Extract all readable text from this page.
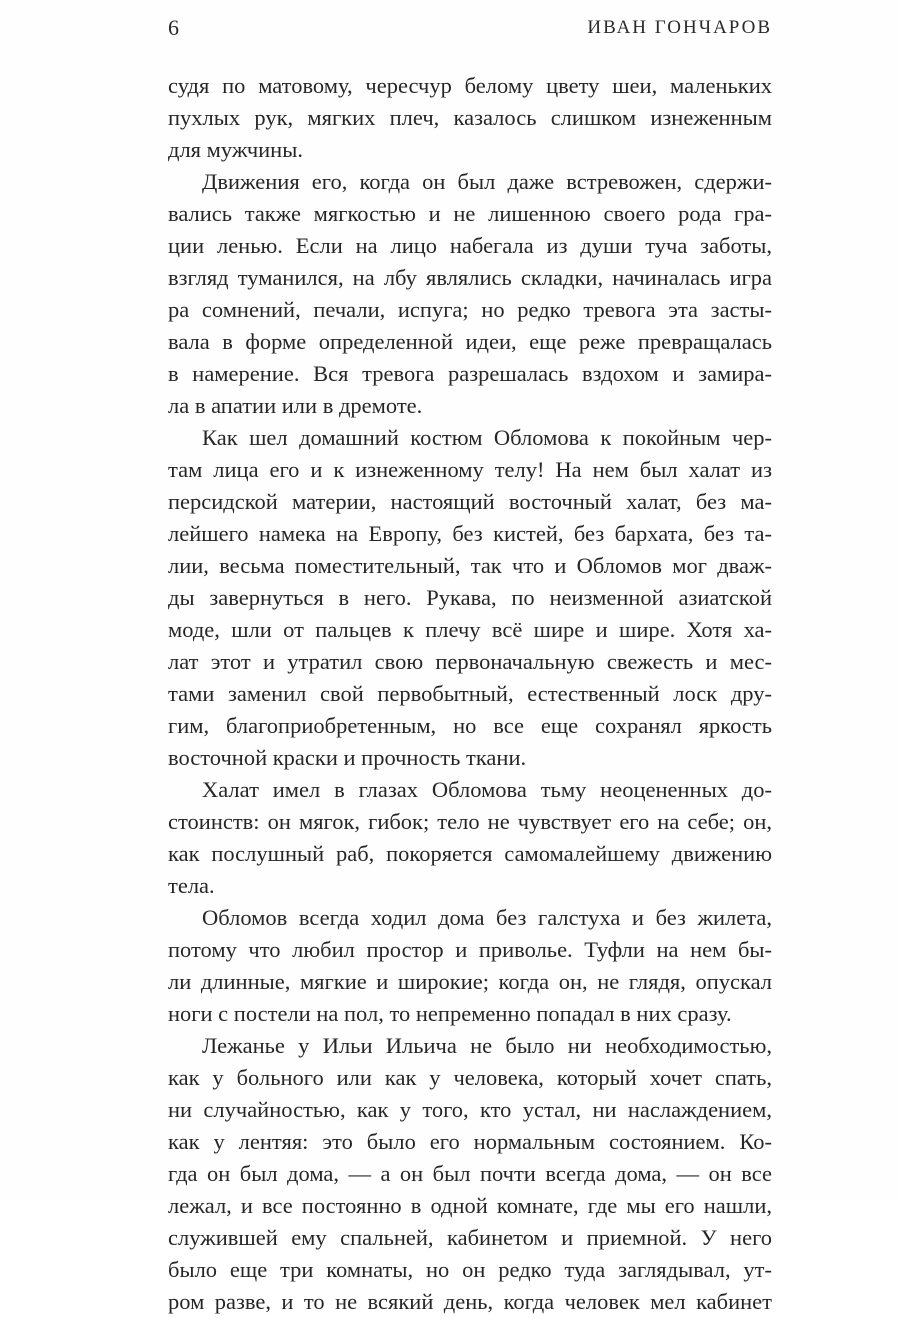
6	ИВАН ГОНЧАРОВ
судя по матовому, чересчур белому цвету шеи, маленьких
пухлых рук, мягких плеч, казалось слишком изнеженным
для мужчины.
Движения его, когда он был даже встревожен, сдержи-
вались также мягкостью и не лишенною своего рода гра-
ции ленью. Если на лицо набегала из души туча заботы,
взгляд туманился, на лбу являлись складки, начиналась игра
ра сомнений, печали, испуга; но редко тревога эта засты-
вала в форме определенной идеи, еще реже превращалась
в намерение. Вся тревога разрешалась вздохом и замира-
ла в апатии или в дремоте.
Как шел домашний костюм Обломова к покойным чер-
там лица его и к изнеженному телу! На нем был халат из
персидской материи, настоящий восточный халат, без ма-
лейшего намека на Европу, без кистей, без бархата, без та-
лии, весьма поместительный, так что и Обломов мог дваж-
ды завернуться в него. Рукава, по неизменной азиатской
моде, шли от пальцев к плечу всё шире и шире. Хотя ха-
лат этот и утратил свою первоначальную свежесть и мес-
тами заменил свой первобытный, естественный лоск дру-
гим, благоприобретенным, но все еще сохранял яркость
восточной краски и прочность ткани.
Халат имел в глазах Обломова тьму неоцененных до-
стоинств: он мягок, гибок; тело не чувствует его на себе; он,
как послушный раб, покоряется самомалейшему движению
тела.
Обломов всегда ходил дома без галстуха и без жилета,
потому что любил простор и приволье. Туфли на нем бы-
ли длинные, мягкие и широкие; когда он, не глядя, опускал
ноги с постели на пол, то непременно попадал в них сразу.
Лежанье у Ильи Ильича не было ни необходимостью,
как у больного или как у человека, который хочет спать,
ни случайностью, как у того, кто устал, ни наслаждением,
как у лентяя: это было его нормальным состоянием. Ко-
гда он был дома, — а он был почти всегда дома, — он все
лежал, и все постоянно в одной комнате, где мы его нашли,
служившей ему спальней, кабинетом и приемной. У него
было еще три комнаты, но он редко туда заглядывал, ут-
ром разве, и то не всякий день, когда человек мел кабинет
